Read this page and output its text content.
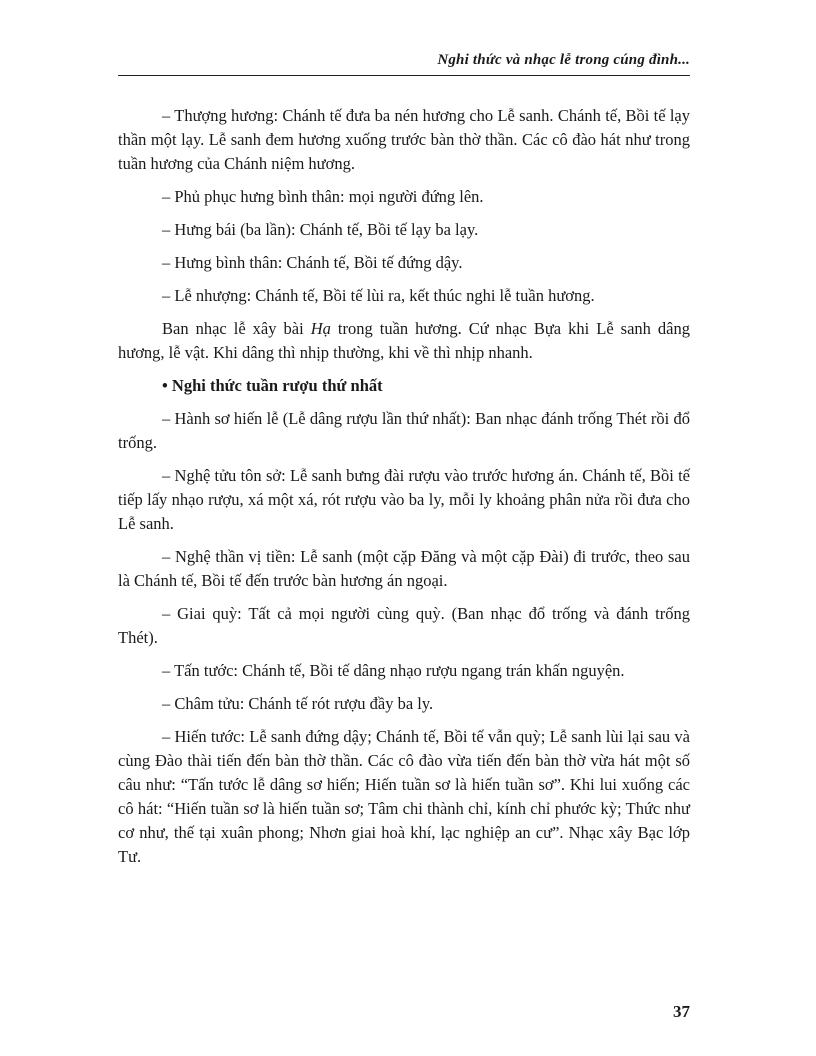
Nghi thức và nhạc lễ trong cúng đình...

– Thượng hương: Chánh tế đưa ba nén hương cho Lễ sanh. Chánh tế, Bồi tế lạy thần một lạy. Lễ sanh đem hương xuống trước bàn thờ thần. Các cô đào hát như trong tuần hương của Chánh niệm hương.

– Phủ phục hưng bình thân: mọi người đứng lên.

– Hưng bái (ba lần): Chánh tế, Bồi tế lạy ba lạy.

– Hưng bình thân: Chánh tế, Bồi tế đứng dậy.

– Lễ nhượng: Chánh tế, Bồi tế lùi ra, kết thúc nghi lễ tuần hương.

Ban nhạc lễ xây bài Hạ trong tuần hương. Cứ nhạc Bựa khi Lễ sanh dâng hương, lễ vật. Khi dâng thì nhịp thường, khi về thì nhịp nhanh.

• Nghi thức tuần rượu thứ nhất

– Hành sơ hiến lễ (Lễ dâng rượu lần thứ nhất): Ban nhạc đánh trống Thét rồi đổ trống.

– Nghệ tửu tôn sở: Lễ sanh bưng đài rượu vào trước hương án. Chánh tế, Bồi tế tiếp lấy nhạo rượu, xá một xá, rót rượu vào ba ly, mỗi ly khoảng phân nửa rồi đưa cho Lễ sanh.

– Nghệ thần vị tiền: Lễ sanh (một cặp Đăng và một cặp Đài) đi trước, theo sau là Chánh tế, Bồi tế đến trước bàn hương án ngoại.

– Giai quỳ: Tất cả mọi người cùng quỳ. (Ban nhạc đổ trống và đánh trống Thét).

– Tấn tước: Chánh tế, Bồi tế dâng nhạo rượu ngang trán khấn nguyện.

– Châm tửu: Chánh tế rót rượu đầy ba ly.

– Hiến tước: Lễ sanh đứng dậy; Chánh tế, Bồi tế vẫn quỳ; Lễ sanh lùi lại sau và cùng Đào thài tiến đến bàn thờ thần. Các cô đào vừa tiến đến bàn thờ vừa hát một số câu như: “Tấn tước lễ dâng sơ hiến; Hiến tuần sơ là hiến tuần sơ”. Khi lui xuống các cô hát: “Hiến tuần sơ là hiến tuần sơ; Tâm chi thành chỉ, kính chỉ phước kỳ; Thức như cơ như, thế tại xuân phong; Nhơn giai hoà khí, lạc nghiệp an cư”. Nhạc xây Bạc lớp Tư.

37
